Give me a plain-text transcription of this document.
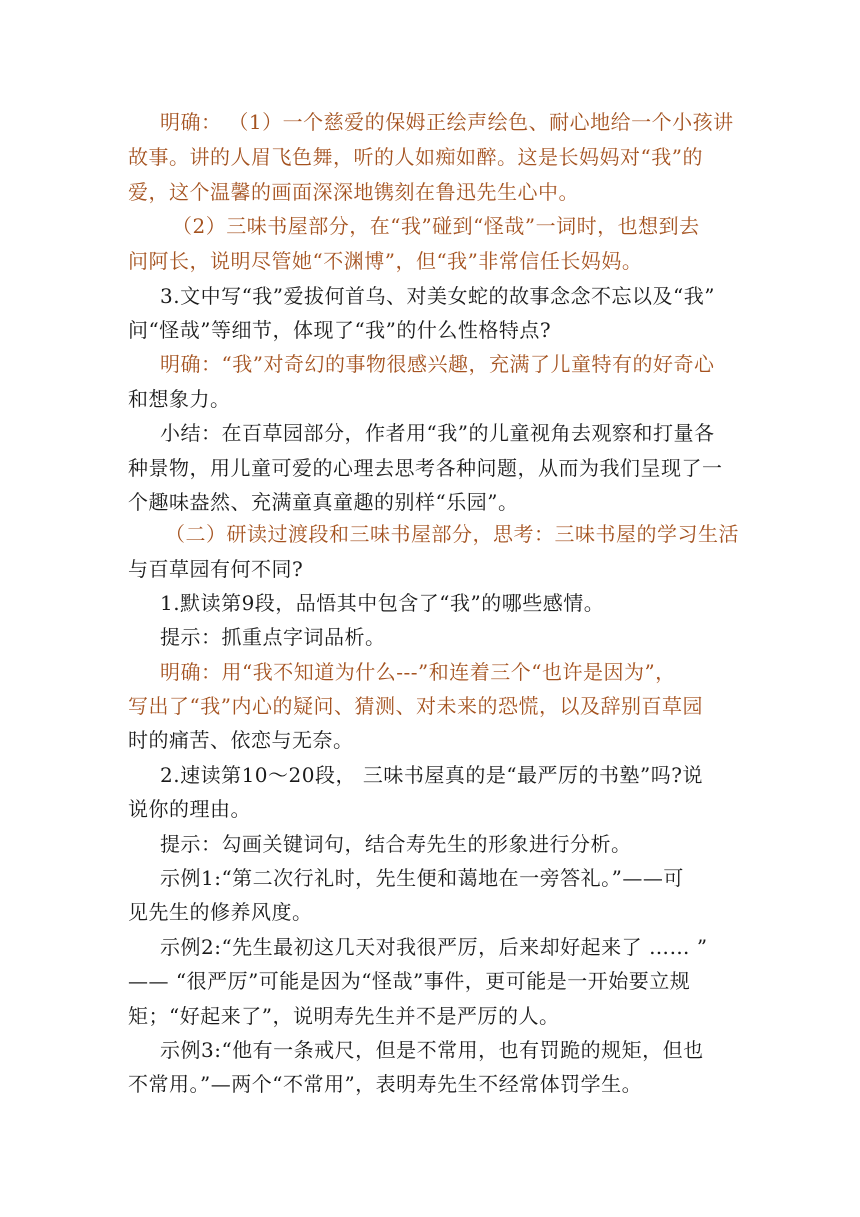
明确： （1）一个慈爱的保姆正绘声绘色、耐心地给一个小孩讲
故事。讲的人眉飞色舞，听的人如痴如醉。这是长妈妈对“我”的
爱，这个温馨的画面深深地镌刻在鲁迅先生心中。
（2）三味书屋部分，在“我”碰到“怪哉”一词时，也想到去
问阿长，说明尽管她“不渊博”，但“我”非常信任长妈妈。
3.文中写“我”爱拔何首乌、对美女蛇的故事念念不忘以及“我”
问“怪哉”等细节，体现了“我”的什么性格特点?
明确：“我”对奇幻的事物很感兴趣，充满了儿童特有的好奇心
和想象力。
小结：在百草园部分，作者用“我”的儿童视角去观察和打量各
种景物，用儿童可爱的心理去思考各种问题，从而为我们呈现了一
个趣味盎然、充满童真童趣的别样“乐园”。
（二）研读过渡段和三味书屋部分，思考：三味书屋的学习生活
与百草园有何不同?
1.默读第9段，品悟其中包含了“我”的哪些感情。
提示：抓重点字词品析。
明确：用“我不知道为什么---”和连着三个“也许是因为”，
写出了“我”内心的疑问、猜测、对未来的恐慌，以及辞别百草园
时的痛苦、依恋与无奈。
2.速读第10～20段， 三味书屋真的是“最严厉的书塾”吗?说
说你的理由。
提示：勾画关键词句，结合寿先生的形象进行分析。
示例1:“第二次行礼时，先生便和蔼地在一旁答礼。”——可
见先生的修养风度。
示例2:“先生最初这几天对我很严厉，后来却好起来了 …… ”
—— “很严厉”可能是因为“怪哉”事件，更可能是一开始要立规
矩；“好起来了”，说明寿先生并不是严厉的人。
示例3:“他有一条戒尺，但是不常用，也有罚跪的规矩，但也
不常用。”—两个“不常用”，表明寿先生不经常体罚学生。
